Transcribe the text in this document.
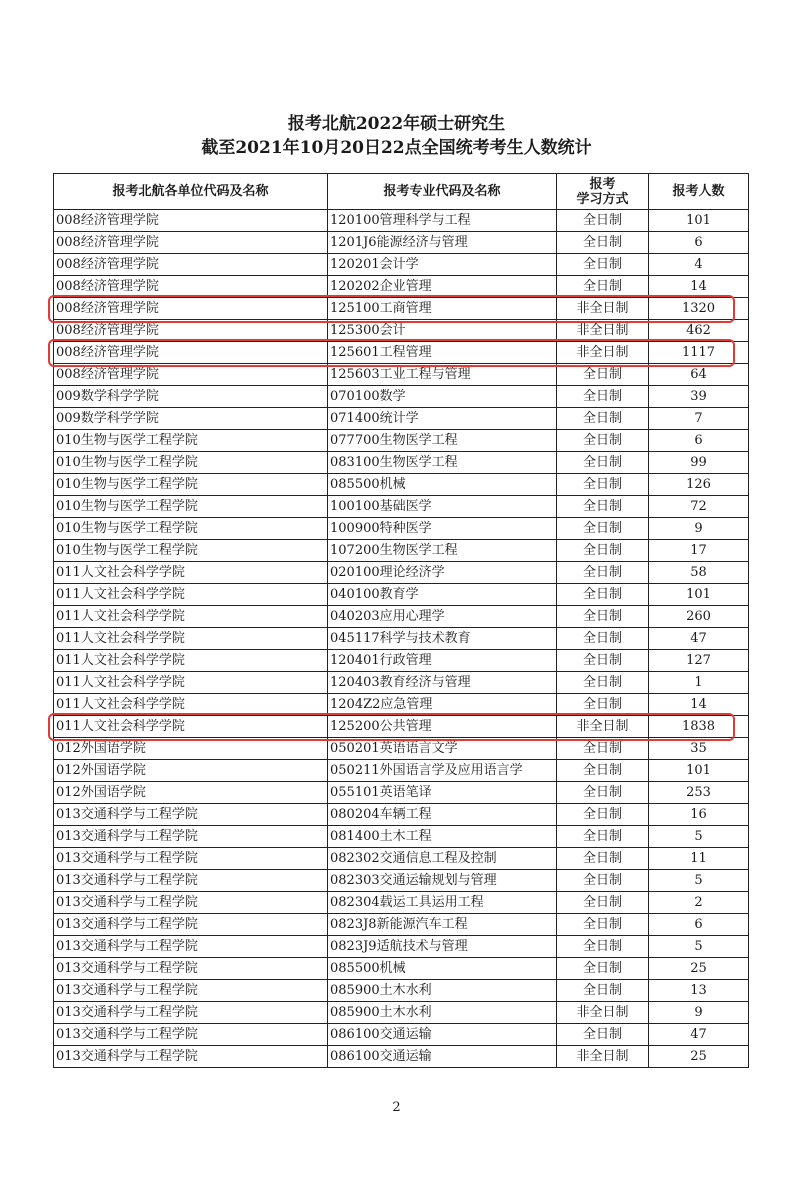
报考北航2022年硕士研究生
截至2021年10月20日22点全国统考考生人数统计
报考北航各单位代码及名称	报考专业代码及名称	报考
学习方式	报考人数
008经济管理学院	120100管理科学与工程	全日制	101
008经济管理学院	1201J6能源经济与管理	全日制	6
008经济管理学院	120201会计学	全日制	4
008经济管理学院	120202企业管理	全日制	14
008经济管理学院	125100工商管理	非全日制	1320
008经济管理学院	125300会计	非全日制	462
008经济管理学院	125601工程管理	非全日制	1117
008经济管理学院	125603工业工程与管理	全日制	64
009数学科学学院	070100数学	全日制	39
009数学科学学院	071400统计学	全日制	7
010生物与医学工程学院	077700生物医学工程	全日制	6
010生物与医学工程学院	083100生物医学工程	全日制	99
010生物与医学工程学院	085500机械	全日制	126
010生物与医学工程学院	100100基础医学	全日制	72
010生物与医学工程学院	100900特种医学	全日制	9
010生物与医学工程学院	107200生物医学工程	全日制	17
011人文社会科学学院	020100理论经济学	全日制	58
011人文社会科学学院	040100教育学	全日制	101
011人文社会科学学院	040203应用心理学	全日制	260
011人文社会科学学院	045117科学与技术教育	全日制	47
011人文社会科学学院	120401行政管理	全日制	127
011人文社会科学学院	120403教育经济与管理	全日制	1
011人文社会科学学院	1204Z2应急管理	全日制	14
011人文社会科学学院	125200公共管理	非全日制	1838
012外国语学院	050201英语语言文学	全日制	35
012外国语学院	050211外国语言学及应用语言学	全日制	101
012外国语学院	055101英语笔译	全日制	253
013交通科学与工程学院	080204车辆工程	全日制	16
013交通科学与工程学院	081400土木工程	全日制	5
013交通科学与工程学院	082302交通信息工程及控制	全日制	11
013交通科学与工程学院	082303交通运输规划与管理	全日制	5
013交通科学与工程学院	082304载运工具运用工程	全日制	2
013交通科学与工程学院	0823J8新能源汽车工程	全日制	6
013交通科学与工程学院	0823J9适航技术与管理	全日制	5
013交通科学与工程学院	085500机械	全日制	25
013交通科学与工程学院	085900土木水利	全日制	13
013交通科学与工程学院	085900土木水利	非全日制	9
013交通科学与工程学院	086100交通运输	全日制	47
013交通科学与工程学院	086100交通运输	非全日制	25
2
